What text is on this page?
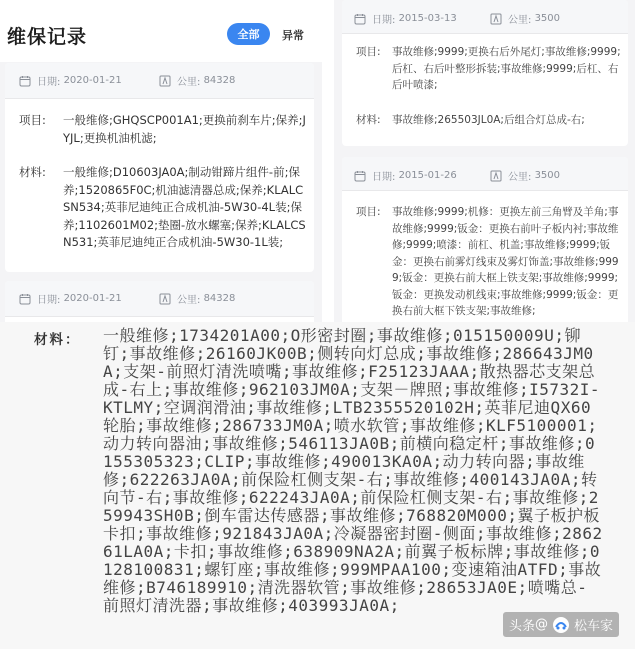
维保记录	全部	异常
日期:
2020-01-21	公里:
84328
项目:	一般维修;GHQSCP001A1;更换前刹车片;保养;JYJL;更换机油机滤;
材料:	一般维修;D10603JA0A;制动钳蹄片组件-前;保养;1520865F0C;机油滤清器总成;保养;KLALCSN534;英菲尼迪纯正合成机油-5W30-4L装;保养;1102601M02;垫圈-放水螺塞;保养;KLALCSN531;英菲尼迪纯正合成机油-5W30-1L装;
日期:
2020-01-21	公里:
84328
日期:
2015-03-13	公里:
3500
项目:	事故维修;9999;更换右后外尾灯;事故维修;9999;后杠、右后叶整形拆装;事故维修;9999;后杠、右后叶喷漆;
材料:	事故维修;265503JL0A;后组合灯总成-右;
日期:
2015-01-26	公里:
3500
项目:	事故维修;9999;机修：更换左前三角臂及羊角;事故维修;9999;钣金：更换右前叶子板内衬;事故维修;9999;喷漆：前杠、机盖;事故维修;9999;钣金：更换右前雾灯线束及雾灯饰盖;事故维修;9999;钣金：更换右前大框上铁支架;事故维修;9999;钣金：更换发动机线束;事故维修;9999;钣金：更换右前大框下铁支架;事故维修;
材料： 一般维修;1734201A00;O形密封圈;事故维修;015150009U;铆钉;事故维修;26160JK00B;侧转向灯总成;事故维修;286643JM0A;支架-前照灯清洗喷嘴;事故维修;F25123JAAA;散热器芯支架总成-右上;事故维修;962103JM0A;支架－牌照;事故维修;I5732I-KTLMY;空调润滑油;事故维修;LTB2355520102H;英菲尼迪QX60轮胎;事故维修;286733JM0A;喷水软管;事故维修;KLF5100001;动力转向器油;事故维修;546113JA0B;前横向稳定杆;事故维修;0155305323;CLIP;事故维修;490013KA0A;动力转向器;事故维修;622263JA0A;前保险杠侧支架-右;事故维修;400143JA0A;转向节-右;事故维修;622243JA0A;前保险杠侧支架-右;事故维修;259943SH0B;倒车雷达传感器;事故维修;768820M000;翼子板护板卡扣;事故维修;921843JA0A;冷凝器密封圈-侧面;事故维修;286261LA0A;卡扣;事故维修;638909NA2A;前翼子板标牌;事故维修;0128100831;螺钉座;事故维修;999MPAA100;变速箱油ATFD;事故维修;B746189910;清洗器软管;事故维修;2865​3JA0E;喷嘴总-前照灯清洗器;事故维修;403993JA0A;
头条 @ 松车家
